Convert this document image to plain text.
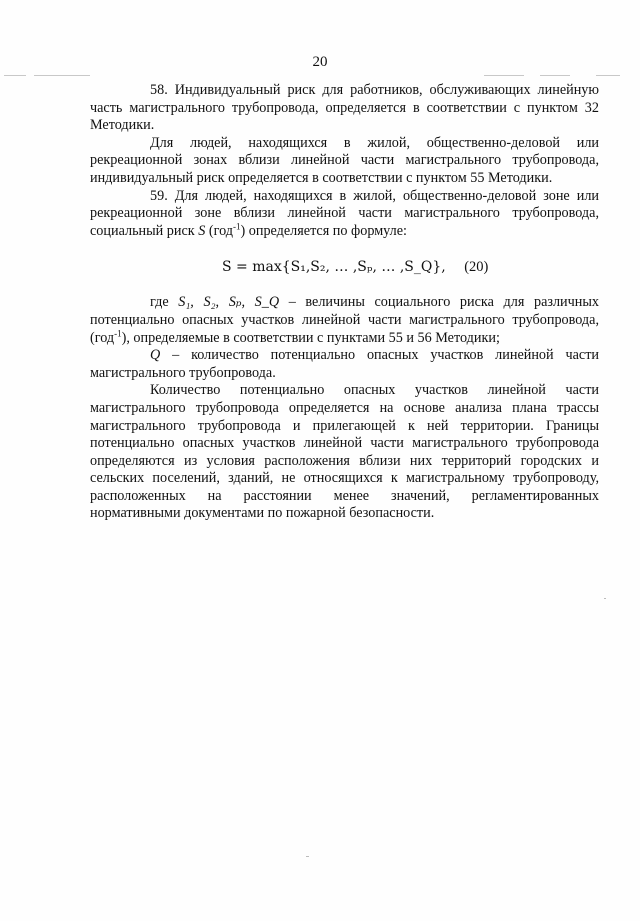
20

58. Индивидуальный риск для работников, обслуживающих линейную часть магистрального трубопровода, определяется в соответствии с пунктом 32 Методики.

Для людей, находящихся в жилой, общественно-деловой или рекреационной зонах вблизи линейной части магистрального трубопровода, индивидуальный риск определяется в соответствии с пунктом 55 Методики.

59. Для людей, находящихся в жилой, общественно-деловой зоне или рекреационной зоне вблизи линейной части магистрального трубопровода, социальный риск S (год$^{-1}$) определяется по формуле:

S = max{S₁,S₂, … ,Sₚ, … ,S_Q}, (20)

где S₁, S₂, Sₚ, S_Q – величины социального риска для различных потенциально опасных участков линейной части магистрального трубопровода, (год$^{-1}$), определяемые в соответствии с пунктами 55 и 56 Методики;

Q – количество потенциально опасных участков линейной части магистрального трубопровода.

Количество потенциально опасных участков линейной части магистрального трубопровода определяется на основе анализа плана трассы магистрального трубопровода и прилегающей к ней территории. Границы потенциально опасных участков линейной части магистрального трубопровода определяются из условия расположения вблизи них территорий городских и сельских поселений, зданий, не относящихся к магистральному трубопроводу, расположенных на расстоянии менее значений, регламентированных нормативными документами по пожарной безопасности.
